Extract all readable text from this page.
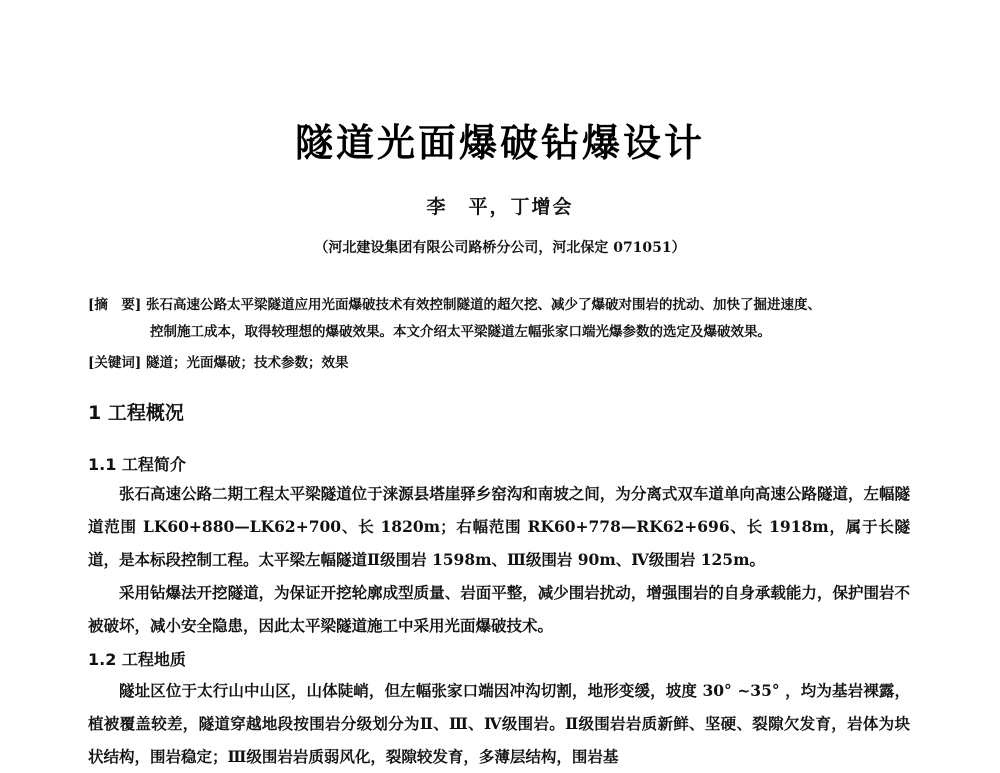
隧道光面爆破钻爆设计
李　平，丁增会
（河北建设集团有限公司路桥分公司，河北保定 071051）
[摘　要] 张石高速公路太平梁隧道应用光面爆破技术有效控制隧道的超欠挖、减少了爆破对围岩的扰动、加快了掘进速度、
控制施工成本，取得较理想的爆破效果。本文介绍太平梁隧道左幅张家口端光爆参数的选定及爆破效果。
[关键词] 隧道；光面爆破；技术参数；效果
1 工程概况
1.1 工程简介
张石高速公路二期工程太平梁隧道位于涞源县塔崖驿乡窑沟和南坡之间，为分离式双车道单向高速公路隧道，左幅隧道范围 LK60+880—LK62+700、长 1820m；右幅范围 RK60+778—RK62+696、长 1918m，属于长隧道，是本标段控制工程。太平梁左幅隧道Ⅱ级围岩 1598m、Ⅲ级围岩 90m、Ⅳ级围岩 125m。
采用钻爆法开挖隧道，为保证开挖轮廓成型质量、岩面平整，减少围岩扰动，增强围岩的自身承载能力，保护围岩不被破坏，减小安全隐患，因此太平梁隧道施工中采用光面爆破技术。
1.2 工程地质
隧址区位于太行山中山区，山体陡峭，但左幅张家口端因冲沟切割，地形变缓，坡度 30° ~35° ，均为基岩裸露，植被覆盖较差，隧道穿越地段按围岩分级划分为Ⅱ、Ⅲ、Ⅳ级围岩。Ⅱ级围岩岩质新鲜、坚硬、裂隙欠发育，岩体为块状结构，围岩稳定；Ⅲ级围岩岩质弱风化，裂隙较发育，多薄层结构，围岩基
